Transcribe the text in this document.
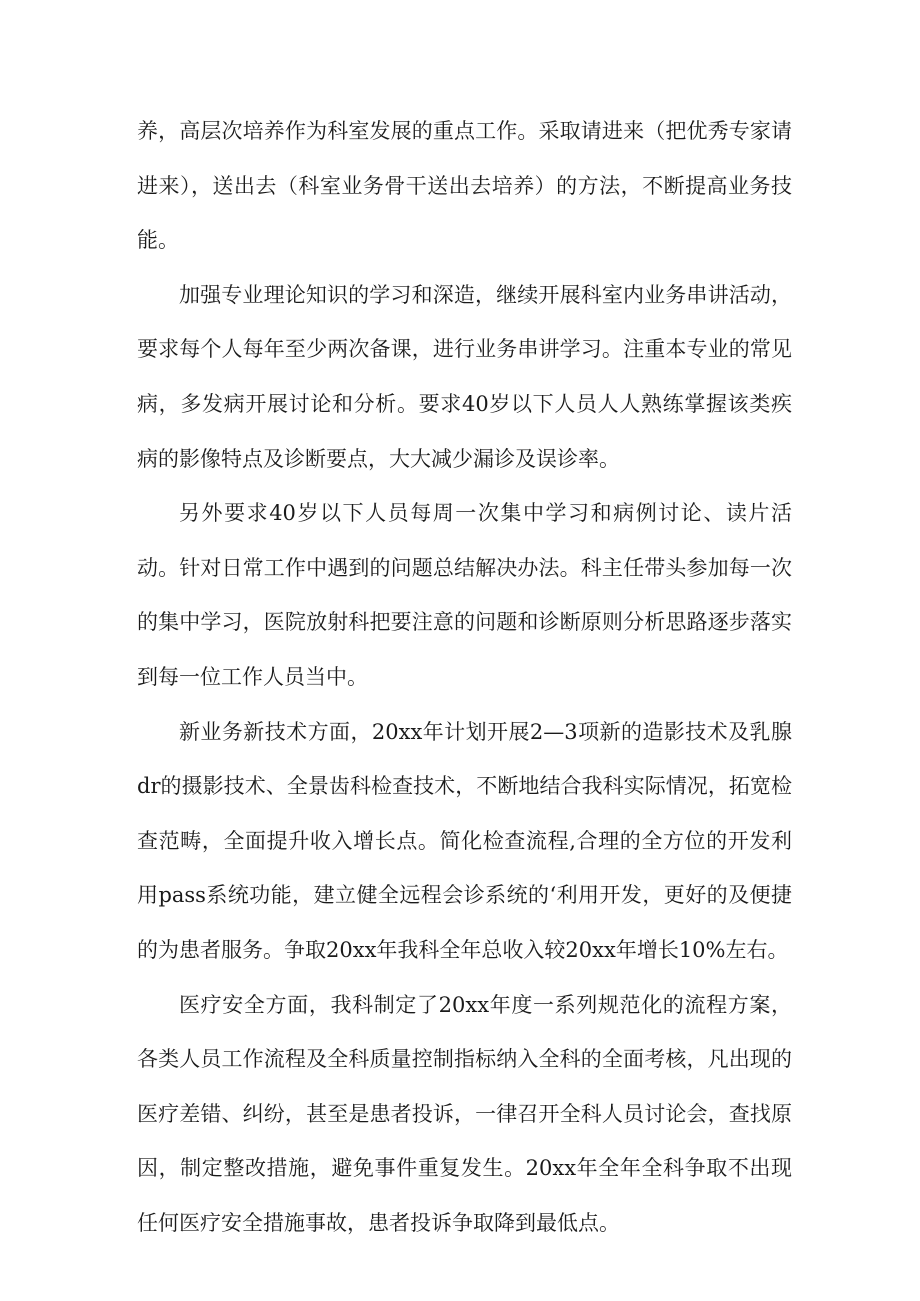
养，高层次培养作为科室发展的重点工作。采取请进来（把优秀专家请进来），送出去（科室业务骨干送出去培养）的方法，不断提高业务技能。

加强专业理论知识的学习和深造，继续开展科室内业务串讲活动，要求每个人每年至少两次备课，进行业务串讲学习。注重本专业的常见病，多发病开展讨论和分析。要求40岁以下人员人人熟练掌握该类疾病的影像特点及诊断要点，大大减少漏诊及误诊率。

另外要求40岁以下人员每周一次集中学习和病例讨论、读片活动。针对日常工作中遇到的问题总结解决办法。科主任带头参加每一次的集中学习，医院放射科把要注意的问题和诊断原则分析思路逐步落实到每一位工作人员当中。

新业务新技术方面，20xx年计划开展2—3项新的造影技术及乳腺dr的摄影技术、全景齿科检查技术，不断地结合我科实际情况，拓宽检查范畴，全面提升收入增长点。简化检查流程,合理的全方位的开发利用pass系统功能，建立健全远程会诊系统的‘利用开发，更好的及便捷的为患者服务。争取20xx年我科全年总收入较20xx年增长10%左右。

医疗安全方面，我科制定了20xx年度一系列规范化的流程方案，各类人员工作流程及全科质量控制指标纳入全科的全面考核，凡出现的医疗差错、纠纷，甚至是患者投诉，一律召开全科人员讨论会，查找原因，制定整改措施，避免事件重复发生。20xx年全年全科争取不出现任何医疗安全措施事故，患者投诉争取降到最低点。
